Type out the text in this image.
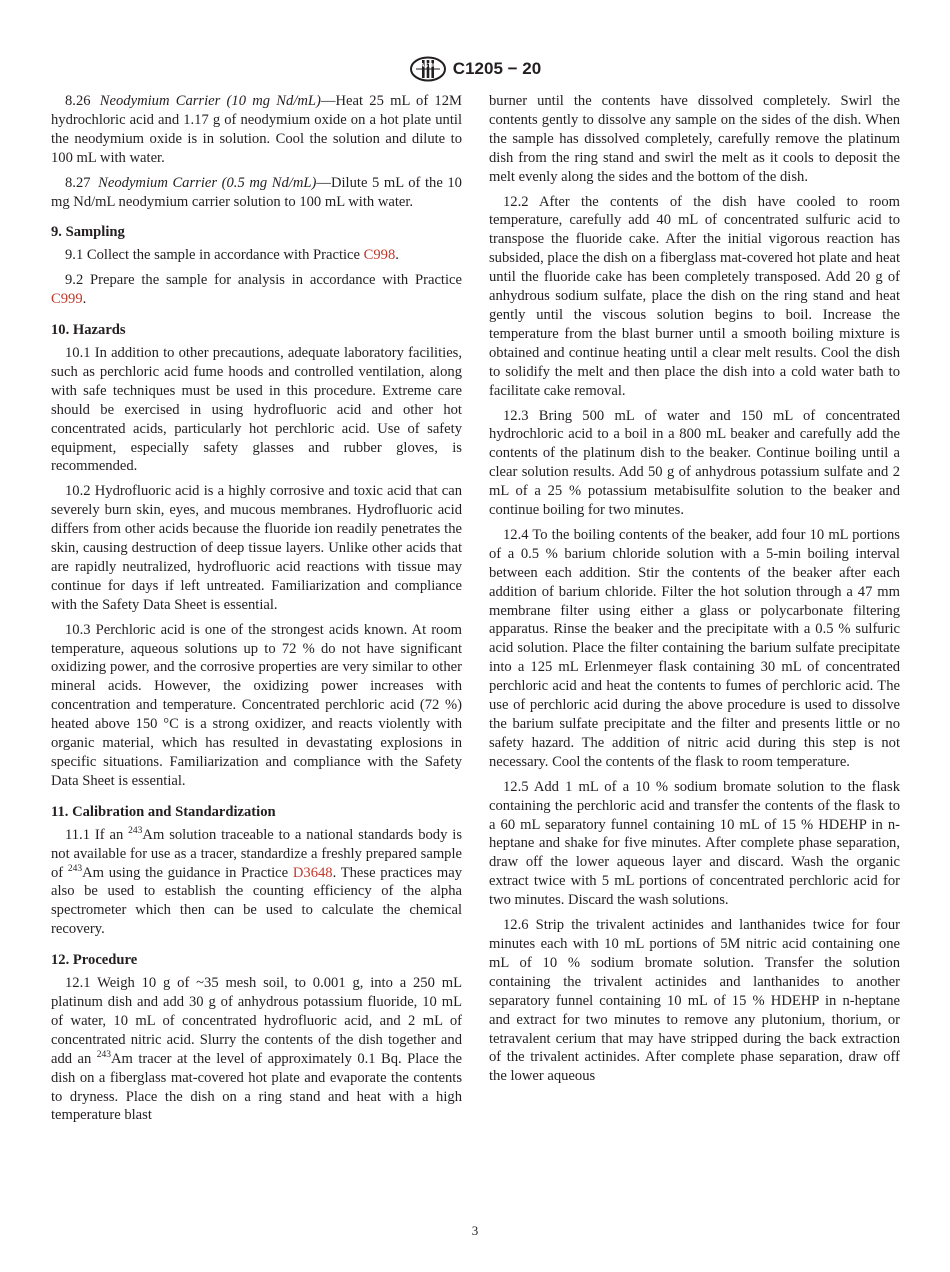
ASTM C1205 − 20

8.26 Neodymium Carrier (10 mg Nd/mL)—Heat 25 mL of 12M hydrochloric acid and 1.17 g of neodymium oxide on a hot plate until the neodymium oxide is in solution. Cool the solution and dilute to 100 mL with water.

8.27 Neodymium Carrier (0.5 mg Nd/mL)—Dilute 5 mL of the 10 mg Nd/mL neodymium carrier solution to 100 mL with water.

9. Sampling

9.1 Collect the sample in accordance with Practice C998.

9.2 Prepare the sample for analysis in accordance with Practice C999.

10. Hazards

10.1 In addition to other precautions, adequate laboratory facilities, such as perchloric acid fume hoods and controlled ventilation, along with safe techniques must be used in this procedure. Extreme care should be exercised in using hydrofluoric acid and other hot concentrated acids, particularly hot perchloric acid. Use of safety equipment, especially safety glasses and rubber gloves, is recommended.

10.2 Hydrofluoric acid is a highly corrosive and toxic acid that can severely burn skin, eyes, and mucous membranes. Hydrofluoric acid differs from other acids because the fluoride ion readily penetrates the skin, causing destruction of deep tissue layers. Unlike other acids that are rapidly neutralized, hydrofluoric acid reactions with tissue may continue for days if left untreated. Familiarization and compliance with the Safety Data Sheet is essential.

10.3 Perchloric acid is one of the strongest acids known. At room temperature, aqueous solutions up to 72 % do not have significant oxidizing power, and the corrosive properties are very similar to other mineral acids. However, the oxidizing power increases with concentration and temperature. Concentrated perchloric acid (72 %) heated above 150 °C is a strong oxidizer, and reacts violently with organic material, which has resulted in devastating explosions in specific situations. Familiarization and compliance with the Safety Data Sheet is essential.

11. Calibration and Standardization

11.1 If an $^{243}$Am solution traceable to a national standards body is not available for use as a tracer, standardize a freshly prepared sample of $^{243}$Am using the guidance in Practice D3648. These practices may also be used to establish the counting efficiency of the alpha spectrometer which then can be used to calculate the chemical recovery.

12. Procedure

12.1 Weigh 10 g of ~35 mesh soil, to 0.001 g, into a 250 mL platinum dish and add 30 g of anhydrous potassium fluoride, 10 mL of water, 10 mL of concentrated hydrofluoric acid, and 2 mL of concentrated nitric acid. Slurry the contents of the dish together and add an $^{243}$Am tracer at the level of approximately 0.1 Bq. Place the dish on a fiberglass mat-covered hot plate and evaporate the contents to dryness. Place the dish on a ring stand and heat with a high temperature blast

burner until the contents have dissolved completely. Swirl the contents gently to dissolve any sample on the sides of the dish. When the sample has dissolved completely, carefully remove the platinum dish from the ring stand and swirl the melt as it cools to deposit the melt evenly along the sides and the bottom of the dish.

12.2 After the contents of the dish have cooled to room temperature, carefully add 40 mL of concentrated sulfuric acid to transpose the fluoride cake. After the initial vigorous reaction has subsided, place the dish on a fiberglass mat-covered hot plate and heat until the fluoride cake has been completely transposed. Add 20 g of anhydrous sodium sulfate, place the dish on the ring stand and heat gently until the viscous solution begins to boil. Increase the temperature from the blast burner until a smooth boiling mixture is obtained and continue heating until a clear melt results. Cool the dish to solidify the melt and then place the dish into a cold water bath to facilitate cake removal.

12.3 Bring 500 mL of water and 150 mL of concentrated hydrochloric acid to a boil in a 800 mL beaker and carefully add the contents of the platinum dish to the beaker. Continue boiling until a clear solution results. Add 50 g of anhydrous potassium sulfate and 2 mL of a 25 % potassium metabisulfite solution to the beaker and continue boiling for two minutes.

12.4 To the boiling contents of the beaker, add four 10 mL portions of a 0.5 % barium chloride solution with a 5-min boiling interval between each addition. Stir the contents of the beaker after each addition of barium chloride. Filter the hot solution through a 47 mm membrane filter using either a glass or polycarbonate filtering apparatus. Rinse the beaker and the precipitate with a 0.5 % sulfuric acid solution. Place the filter containing the barium sulfate precipitate into a 125 mL Erlenmeyer flask containing 30 mL of concentrated perchloric acid and heat the contents to fumes of perchloric acid. The use of perchloric acid during the above procedure is used to dissolve the barium sulfate precipitate and the filter and presents little or no safety hazard. The addition of nitric acid during this step is not necessary. Cool the contents of the flask to room temperature.

12.5 Add 1 mL of a 10 % sodium bromate solution to the flask containing the perchloric acid and transfer the contents of the flask to a 60 mL separatory funnel containing 10 mL of 15 % HDEHP in n-heptane and shake for five minutes. After complete phase separation, draw off the lower aqueous layer and discard. Wash the organic extract twice with 5 mL portions of concentrated perchloric acid for two minutes. Discard the wash solutions.

12.6 Strip the trivalent actinides and lanthanides twice for four minutes each with 10 mL portions of 5M nitric acid containing one mL of 10 % sodium bromate solution. Transfer the solution containing the trivalent actinides and lanthanides to another separatory funnel containing 10 mL of 15 % HDEHP in n-heptane and extract for two minutes to remove any plutonium, thorium, or tetravalent cerium that may have stripped during the back extraction of the trivalent actinides. After complete phase separation, draw off the lower aqueous

3
